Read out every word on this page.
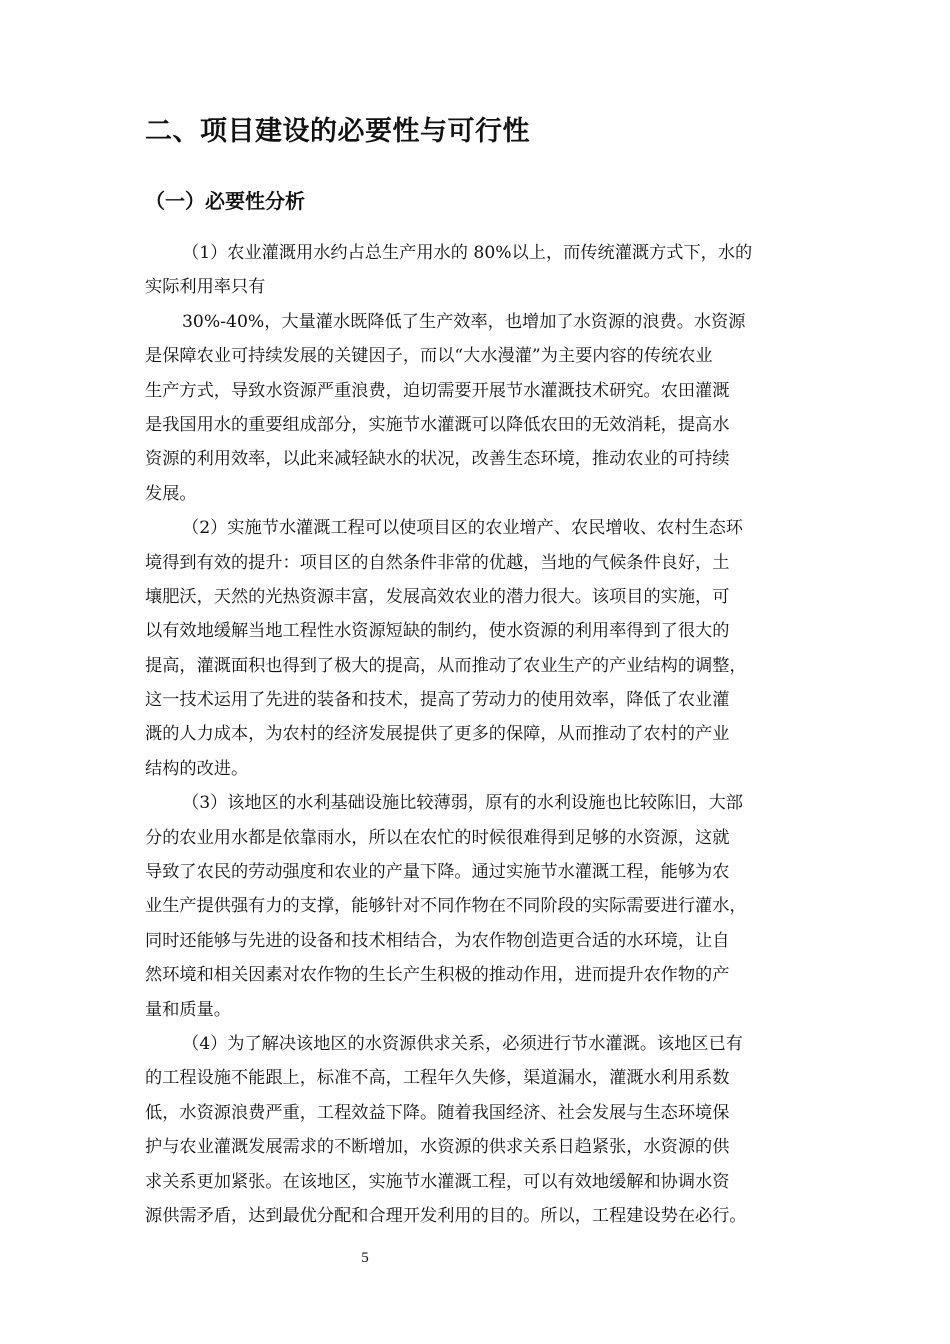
二、项目建设的必要性与可行性
（一）必要性分析
（1）农业灌溉用水约占总生产用水的 80%以上，而传统灌溉方式下，水的
实际利用率只有
30%-40%，大量灌水既降低了生产效率，也增加了水资源的浪费。水资源
是保障农业可持续发展的关键因子，而以“大水漫灌”为主要内容的传统农业
生产方式，导致水资源严重浪费，迫切需要开展节水灌溉技术研究。农田灌溉
是我国用水的重要组成部分，实施节水灌溉可以降低农田的无效消耗，提高水
资源的利用效率，以此来减轻缺水的状况，改善生态环境，推动农业的可持续
发展。
（2）实施节水灌溉工程可以使项目区的农业增产、农民增收、农村生态环
境得到有效的提升：项目区的自然条件非常的优越，当地的气候条件良好，土
壤肥沃，天然的光热资源丰富，发展高效农业的潜力很大。该项目的实施，可
以有效地缓解当地工程性水资源短缺的制约，使水资源的利用率得到了很大的
提高，灌溉面积也得到了极大的提高，从而推动了农业生产的产业结构的调整，
这一技术运用了先进的装备和技术，提高了劳动力的使用效率，降低了农业灌
溉的人力成本，为农村的经济发展提供了更多的保障，从而推动了农村的产业
结构的改进。
（3）该地区的水利基础设施比较薄弱，原有的水利设施也比较陈旧，大部
分的农业用水都是依靠雨水，所以在农忙的时候很难得到足够的水资源，这就
导致了农民的劳动强度和农业的产量下降。通过实施节水灌溉工程，能够为农
业生产提供强有力的支撑，能够针对不同作物在不同阶段的实际需要进行灌水，
同时还能够与先进的设备和技术相结合，为农作物创造更合适的水环境，让自
然环境和相关因素对农作物的生长产生积极的推动作用，进而提升农作物的产
量和质量。
（4）为了解决该地区的水资源供求关系，必须进行节水灌溉。该地区已有
的工程设施不能跟上，标准不高，工程年久失修，渠道漏水，灌溉水利用系数
低，水资源浪费严重，工程效益下降。随着我国经济、社会发展与生态环境保
护与农业灌溉发展需求的不断增加，水资源的供求关系日趋紧张，水资源的供
求关系更加紧张。在该地区，实施节水灌溉工程，可以有效地缓解和协调水资
源供需矛盾，达到最优分配和合理开发利用的目的。所以，工程建设势在必行。
5
